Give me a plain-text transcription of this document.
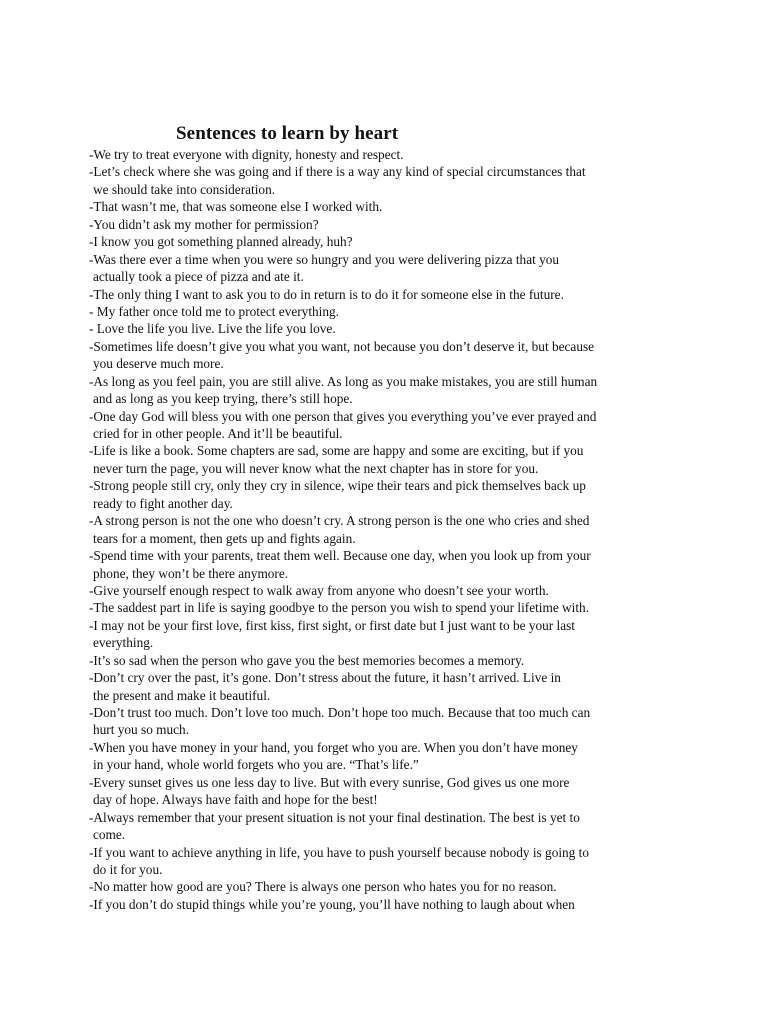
Sentences to learn by heart
-We try to treat everyone with dignity, honesty and respect.
-Let’s check where she was going and if there is a way any kind of special circumstances that
we should take into consideration.
-That wasn’t me, that was someone else I worked with.
-You didn’t ask my mother for permission?
-I know you got something planned already, huh?
-Was there ever a time when you were so hungry and you were delivering pizza that you
actually took a piece of pizza and ate it.
-The only thing I want to ask you to do in return is to do it for someone else in the future.
- My father once told me to protect everything.
- Love the life you live. Live the life you love.
-Sometimes life doesn’t give you what you want, not because you don’t deserve it, but because
you deserve much more.
-As long as you feel pain, you are still alive. As long as you make mistakes, you are still human
and as long as you keep trying, there’s still hope.
-One day God will bless you with one person that gives you everything you’ve ever prayed and
cried for in other people. And it’ll be beautiful.
-Life is like a book. Some chapters are sad, some are happy and some are exciting, but if you
never turn the page, you will never know what the next chapter has in store for you.
-Strong people still cry, only they cry in silence, wipe their tears and pick themselves back up
ready to fight another day.
-A strong person is not the one who doesn’t cry. A strong person is the one who cries and shed
tears for a moment, then gets up and fights again.
-Spend time with your parents, treat them well. Because one day, when you look up from your
phone, they won’t be there anymore.
-Give yourself enough respect to walk away from anyone who doesn’t see your worth.
-The saddest part in life is saying goodbye to the person you wish to spend your lifetime with.
-I may not be your first love, first kiss, first sight, or first date but I just want to be your last
everything.
-It’s so sad when the person who gave you the best memories becomes a memory.
-Don’t cry over the past, it’s gone. Don’t stress about the future, it hasn’t arrived. Live in
the present and make it beautiful.
-Don’t trust too much. Don’t love too much. Don’t hope too much. Because that too much can
hurt you so much.
-When you have money in your hand, you forget who you are. When you don’t have money
in your hand, whole world forgets who you are. “That’s life.”
-Every sunset gives us one less day to live. But with every sunrise, God gives us one more
day of hope. Always have faith and hope for the best!
-Always remember that your present situation is not your final destination. The best is yet to
come.
-If you want to achieve anything in life, you have to push yourself because nobody is going to
do it for you.
-No matter how good are you? There is always one person who hates you for no reason.
-If you don’t do stupid things while you’re young, you’ll have nothing to laugh about when
